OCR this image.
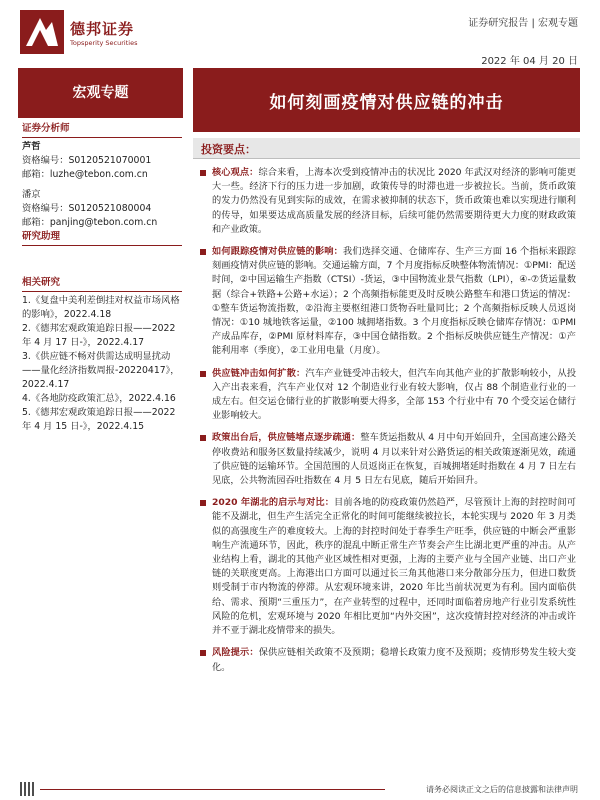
德邦证券
Topsperity Securities
证券研究报告 | 宏观专题
2022 年 04 月 20 日
宏观专题
证券分析师
芦哲
资格编号：S0120521070001
邮箱：luzhe@tebon.com.cn
潘京
资格编号：S0120521080004
邮箱：panjing@tebon.com.cn
研究助理
相关研究

1.《复盘中美利差倒挂对权益市场风格的影响》，2022.4.18

2.《德邦宏观政策追踪日报——2022年 4 月 17 日-》，2022.4.17

3.《供应链不畅对供需达成明显扰动——量化经济指数周报-20220417》，2022.4.17

4.《各地防疫政策汇总》，2022.4.16

5.《德邦宏观政策追踪日报——2022年 4 月 15 日-》，2022.4.15

如何刻画疫情对供应链的冲击
投资要点：
核心观点：综合来看，上海本次受到疫情冲击的状况比 2020 年武汉对经济的影响可能更大一些。经济下行的压力进一步加剧，政策传导的时滞也进一步被拉长。当前，货币政策的发力仍然没有见到实际的成效，在需求被抑制的状态下，货币政策也难以实现进行顺利的传导，如果要达成高质量发展的经济目标，后续可能仍然需要期待更大力度的财政政策和产业政策。
如何跟踪疫情对供应链的影响：我们选择交通、仓储库存、生产三方面 16 个指标来跟踪刻画疫情对供应链的影响。交通运输方面，7 个月度指标反映整体物流情况：①PMI：配送时间，②中国运输生产指数（CTSI）-货运，③中国物流业景气指数（LPI），④-⑦货运量数据（综合+铁路+公路+水运）；2 个高频指标能更及时反映公路整车和港口货运的情况：①整车货运物流指数，②沿海主要枢纽港口货物吞吐量同比；2 个高频指标反映人员返岗情况：①10 城地铁客运量，②100 城拥堵指数。3 个月度指标反映仓储库存情况：①PMI 产成品库存，②PMI 原材料库存，③中国仓储指数。2 个指标反映供应链生产情况：①产能利用率（季度），②工业用电量（月度）。
供应链冲击如何扩散：汽车产业链受冲击较大，但汽车向其他产业的扩散影响较小，从投入产出表来看，汽车产业仅对 12 个制造业行业有较大影响，仅占 88 个制造业行业的一成左右。但交运仓储行业的扩散影响要大得多，全部 153 个行业中有 70 个受交运仓储行业影响较大。
政策出台后，供应链堵点逐步疏通：整车货运指数从 4 月中旬开始回升，全国高速公路关停收费站和服务区数量持续减少，说明 4 月以来针对公路货运的相关政策逐渐见效，疏通了供应链的运输环节。全国范围的人员返岗正在恢复，百城拥堵延时指数在 4 月 7 日左右见底，公共物流园吞吐指数在 4 月 5 日左右见底，随后开始回升。
2020 年湖北的启示与对比：目前各地的防疫政策仍然趋严，尽管预计上海的封控时间可能不及湖北，但生产生活完全正常化的时间可能继续被拉长，本轮实现与 2020 年 3 月类似的高强度生产的难度较大。上海的封控时间处于春季生产旺季，供应链的中断会严重影响生产流通环节，因此，秩序的混乱中断正常生产节奏会产生比湖北更严重的冲击。从产业结构上看，湖北的其他产业区域性相对更强，上海的主要产业与全国产业链、出口产业链的关联度更高。上海港出口方面可以通过长三角其他港口来分散部分压力，但进口数货则受制于市内物流的停滞。从宏观环境来讲，2020 年比当前状况更为有利。国内面临供给、需求、预期“三重压力”，在产业转型的过程中，还同时面临着房地产行业引发系统性风险的危机，宏观环境与 2020 年相比更加“内外交困”，这次疫情封控对经济的冲击或许并不亚于湖北疫情带来的损失。
风险提示：保供应链相关政策不及预期；稳增长政策力度不及预期；疫情形势发生较大变化。
请务必阅读正文之后的信息披露和法律声明
